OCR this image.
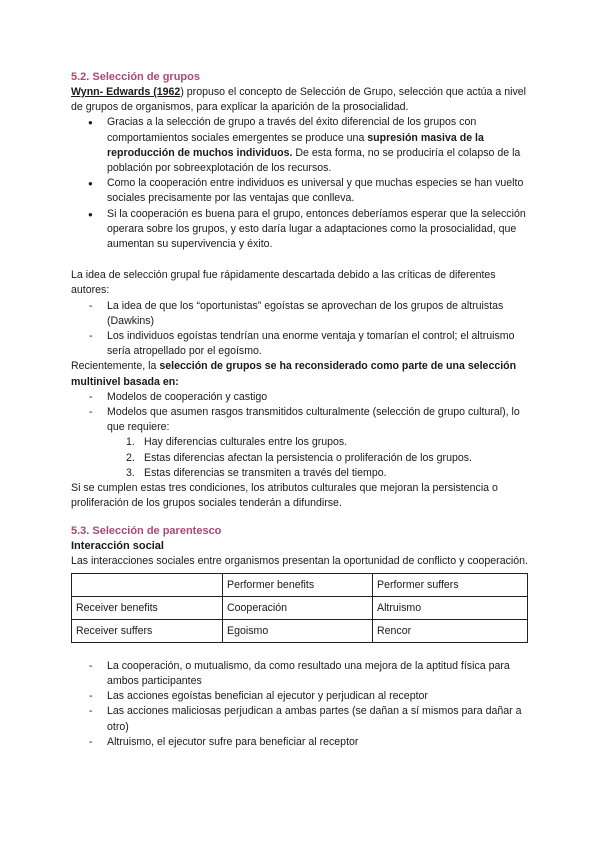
5.2. Selección de grupos

Wynn- Edwards (1962) propuso el concepto de Selección de Grupo, selección que actúa a nivel de grupos de organismos, para explicar la aparición de la prosocialidad.

● Gracias a la selección de grupo a través del éxito diferencial de los grupos con comportamientos sociales emergentes se produce una supresión masiva de la reproducción de muchos individuos. De esta forma, no se produciría el colapso de la población por sobreexplotación de los recursos.
● Como la cooperación entre individuos es universal y que muchas especies se han vuelto sociales precisamente por las ventajas que conlleva.
● Si la cooperación es buena para el grupo, entonces deberíamos esperar que la selección operara sobre los grupos, y esto daría lugar a adaptaciones como la prosocialidad, que aumentan su supervivencia y éxito.

La idea de selección grupal fue rápidamente descartada debido a las críticas de diferentes autores:

- La idea de que los “oportunistas” egoístas se aprovechan de los grupos de altruistas (Dawkins)
- Los individuos egoístas tendrían una enorme ventaja y tomarían el control; el altruismo sería atropellado por el egoísmo.

Recientemente, la selección de grupos se ha reconsiderado como parte de una selección multinivel basada en:

- Modelos de cooperación y castigo
- Modelos que asumen rasgos transmitidos culturalmente (selección de grupo cultural), lo que requiere:
1. Hay diferencias culturales entre los grupos.
2. Estas diferencias afectan la persistencia o proliferación de los grupos.
3. Estas diferencias se transmiten a través del tiempo.

Si se cumplen estas tres condiciones, los atributos culturales que mejoran la persistencia o proliferación de los grupos sociales tenderán a difundirse.

5.3. Selección de parentesco

Interacción social

Las interacciones sociales entre organismos presentan la oportunidad de conflicto y cooperación.

	Performer benefits	Performer suffers
Receiver benefits	Cooperación	Altruismo
Receiver suffers	Egoismo	Rencor
- La cooperación, o mutualismo, da como resultado una mejora de la aptitud física para ambos participantes
- Las acciones egoístas benefician al ejecutor y perjudican al receptor
- Las acciones maliciosas perjudican a ambas partes (se dañan a sí mismos para dañar a otro)
- Altruismo, el ejecutor sufre para beneficiar al receptor
